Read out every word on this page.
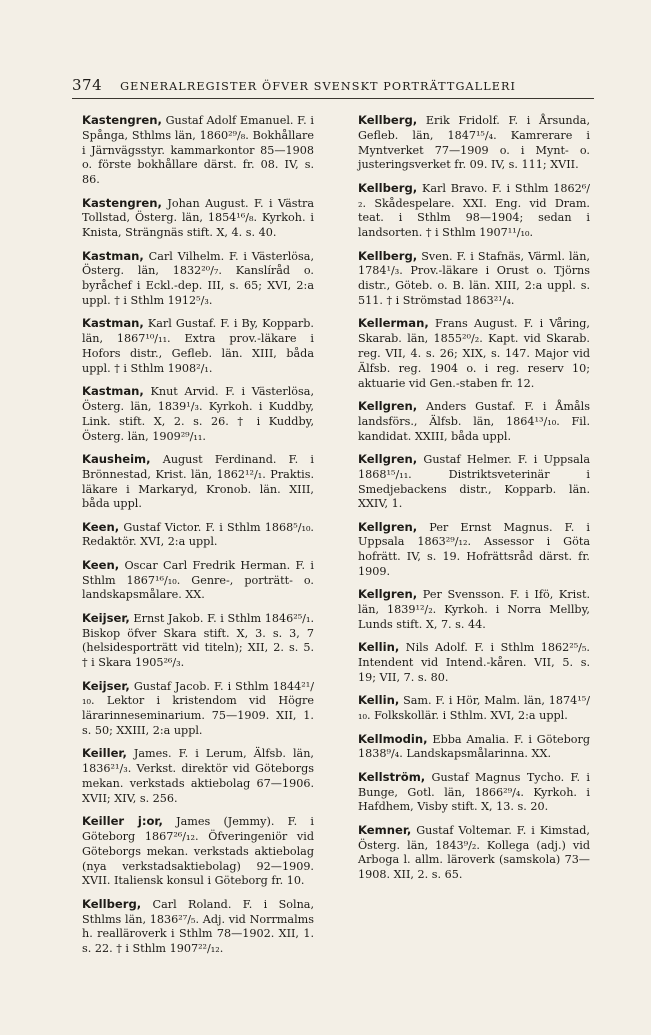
374 GENERALREGISTER ÖFVER SVENSKT PORTRÄTTGALLERI

Kastengren, Gustaf Adolf Emanuel. F. i Spånga, Sthlms län, 1860²⁹/₈. Bokhållare i Järnvägsstyr. kammarkontor 85—1908 o. förste bokhållare därst. fr. 08. IV, s. 86.

Kastengren, Johan August. F. i Västra Tollstad, Österg. län, 1854¹⁶/₈. Kyrkoh. i Knista, Strängnäs stift. X, 4. s. 40.

Kastman, Carl Vilhelm. F. i Västerlösa, Österg. län, 1832²⁰/₇. Kanslíråd o. byråchef i Eckl.-dep. III, s. 65; XVI, 2:a uppl. † i Sthlm 1912⁵/₃.

Kastman, Karl Gustaf. F. i By, Kopparb. län, 1867¹⁰/₁₁. Extra prov.-läkare i Hofors distr., Gefleb. län. XIII, båda uppl. † i Sthlm 1908²/₁.

Kastman, Knut Arvid. F. i Västerlösa, Österg. län, 1839¹/₃. Kyrkoh. i Kuddby, Link. stift. X, 2. s. 26. † i Kuddby, Österg. län, 1909²⁹/₁₁.

Kausheim, August Ferdinand. F. i Brönnestad, Krist. län, 1862¹²/₁. Praktis. läkare i Markaryd, Kronob. län. XIII, båda uppl.

Keen, Gustaf Victor. F. i Sthlm 1868⁵/₁₀. Redaktör. XVI, 2:a uppl.

Keen, Oscar Carl Fredrik Herman. F. i Sthlm 1867¹⁶/₁₀. Genre-, porträtt- o. landskapsmålare. XX.

Keijser, Ernst Jakob. F. i Sthlm 1846²⁵/₁. Biskop öfver Skara stift. X, 3. s. 3, 7 (helsidesporträtt vid titeln); XII, 2. s. 5. † i Skara 1905²⁶/₃.

Keijser, Gustaf Jacob. F. i Sthlm 1844²¹/₁₀. Lektor i kristendom vid Högre lärarinneseminarium. 75—1909. XII, 1. s. 50; XXIII, 2:a uppl.

Keiller, James. F. i Lerum, Älfsb. län, 1836²¹/₃. Verkst. direktör vid Göteborgs mekan. verkstads aktiebolag 67—1906. XVII; XIV, s. 256.

Keiller j:or, James (Jemmy). F. i Göteborg 1867²⁶/₁₂. Öfveringeniör vid Göteborgs mekan. verkstads aktiebolag (nya verkstadsaktiebolag) 92—1909. XVII. Italiensk konsul i Göteborg fr. 10.

Kellberg, Carl Roland. F. i Solna, Sthlms län, 1836²⁷/₅. Adj. vid Norrmalms h. realläroverk i Sthlm 78—1902. XII, 1. s. 22. † i Sthlm 1907²²/₁₂.

Kellberg, Erik Fridolf. F. i Årsunda, Gefleb. län, 1847¹⁵/₄. Kamrerare i Myntverket 77—1909 o. i Mynt- o. justeringsverket fr. 09. IV, s. 111; XVII.

Kellberg, Karl Bravo. F. i Sthlm 1862⁶/₂. Skådespelare. XXI. Eng. vid Dram. teat. i Sthlm 98—1904; sedan i landsorten. † i Sthlm 1907¹¹/₁₀.

Kellberg, Sven. F. i Stafnäs, Värml. län, 1784¹/₃. Prov.-läkare i Orust o. Tjörns distr., Göteb. o. B. län. XIII, 2:a uppl. s. 511. † i Strömstad 1863²¹/₄.

Kellerman, Frans August. F. i Våring, Skarab. län, 1855²⁰/₂. Kapt. vid Skarab. reg. VII, 4. s. 26; XIX, s. 147. Major vid Älfsb. reg. 1904 o. i reg. reserv 10; aktuarie vid Gen.-staben fr. 12.

Kellgren, Anders Gustaf. F. i Åmåls landsförs., Älfsb. län, 1864¹³/₁₀. Fil. kandidat. XXIII, båda uppl.

Kellgren, Gustaf Helmer. F. i Uppsala 1868¹⁵/₁₁. Distriktsveterinär i Smedjebackens distr., Kopparb. län. XXIV, 1.

Kellgren, Per Ernst Magnus. F. i Uppsala 1863²⁹/₁₂. Assessor i Göta hofrätt. IV, s. 19. Hofrättsråd därst. fr. 1909.

Kellgren, Per Svensson. F. i Ifö, Krist. län, 1839¹²/₂. Kyrkoh. i Norra Mellby, Lunds stift. X, 7. s. 44.

Kellin, Nils Adolf. F. i Sthlm 1862²⁵/₅. Intendent vid Intend.-kåren. VII, 5. s. 19; VII, 7. s. 80.

Kellin, Sam. F. i Hör, Malm. län, 1874¹⁵/₁₀. Folkskollär. i Sthlm. XVI, 2:a uppl.

Kellmodin, Ebba Amalia. F. i Göteborg 1838⁹/₄. Landskapsmålarinna. XX.

Kellström, Gustaf Magnus Tycho. F. i Bunge, Gotl. län, 1866²⁹/₄. Kyrkoh. i Hafdhem, Visby stift. X, 13. s. 20.

Kemner, Gustaf Voltemar. F. i Kimstad, Österg. län, 1843⁹/₂. Kollega (adj.) vid Arboga l. allm. läroverk (samskola) 73—1908. XII, 2. s. 65.
